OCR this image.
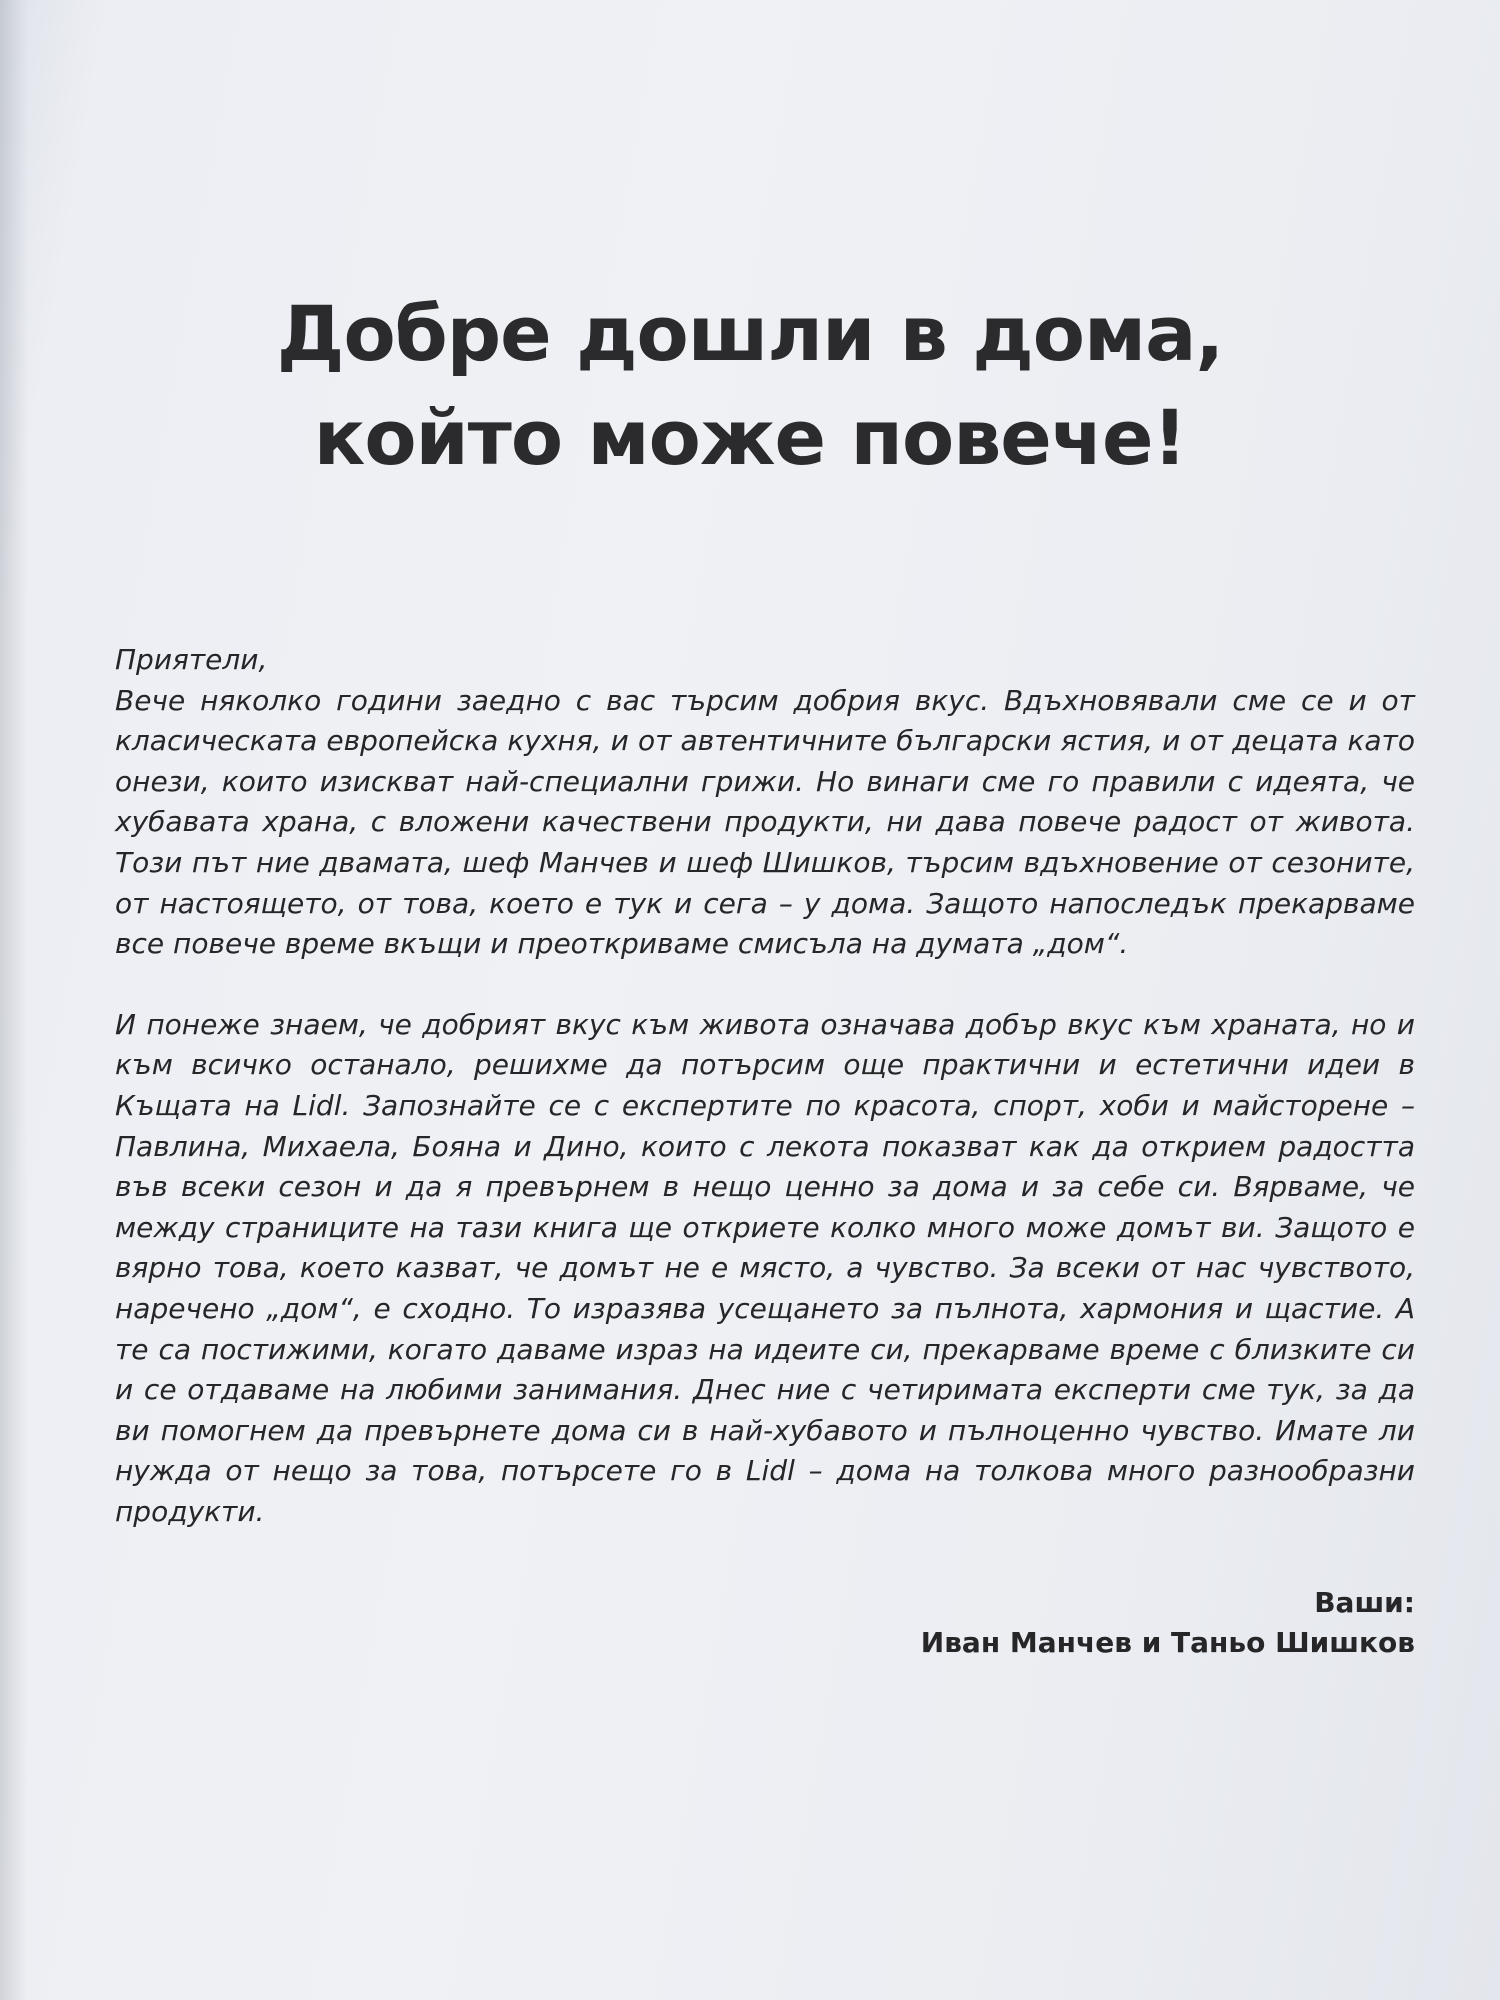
Добре дошли в дома,
който може повече!

Приятели,

Вече няколко години заедно с вас търсим добрия вкус. Вдъхновявали сме се и от класическата европейска кухня, и от автентичните български ястия, и от децата като онези, които изискват най-специални грижи. Но винаги сме го правили с идеята, че хубавата храна, с вложени качествени продукти, ни дава повече радост от живота. Този път ние двамата, шеф Манчев и шеф Шишков, търсим вдъхновение от сезоните, от настоящето, от това, което е тук и сега – у дома. Защото напоследък прекарваме все повече време вкъщи и преоткриваме смисъла на думата „дом“.

И понеже знаем, че добрият вкус към живота означава добър вкус към храната, но и към всичко останало, решихме да потърсим още практични и естетични идеи в Къщата на Lidl. Запознайте се с експертите по красота, спорт, хоби и майсторене – Павлина, Михаела, Бояна и Дино, които с лекота показват как да открием радостта във всеки сезон и да я превърнем в нещо ценно за дома и за себе си. Вярваме, че между страниците на тази книга ще откриете колко много може домът ви. Защото е вярно това, което казват, че домът не е място, а чувство. За всеки от нас чувството, наречено „дом“, е сходно. То изразява усещането за пълнота, хармония и щастие. А те са постижими, когато даваме израз на идеите си, прекарваме време с близките си и се отдаваме на любими занимания. Днес ние с четиримата експерти сме тук, за да ви помогнем да превърнете дома си в най-хубавото и пълноценно чувство. Имате ли нужда от нещо за това, потърсете го в Lidl – дома на толкова много разнообразни продукти.

Ваши:
Иван Манчев и Таньо Шишков
